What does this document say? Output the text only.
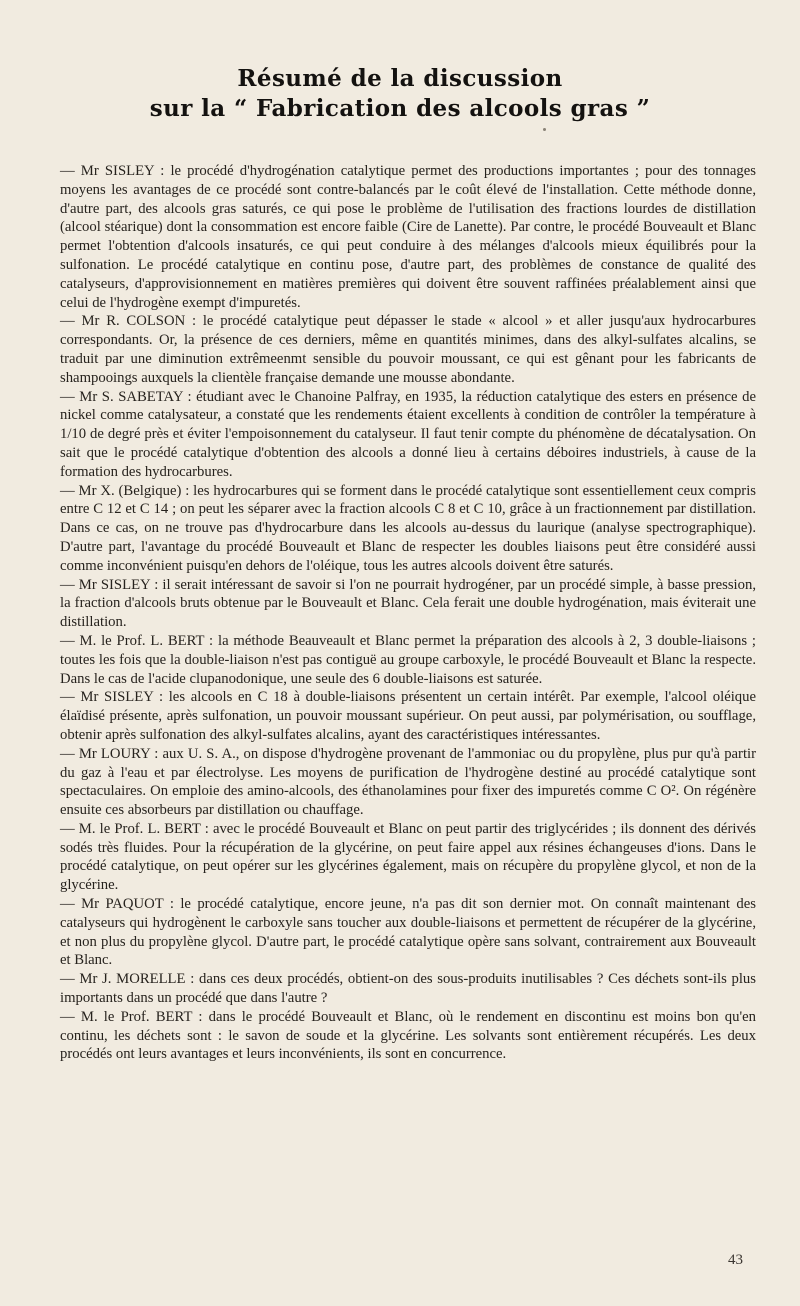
Résumé de la discussion
sur la “ Fabrication des alcools gras ”

— Mr SISLEY : le procédé d'hydrogénation catalytique permet des productions importantes ; pour des tonnages moyens les avantages de ce procédé sont contre-balancés par le coût élevé de l'installation. Cette méthode donne, d'autre part, des alcools gras saturés, ce qui pose le problème de l'utilisation des fractions lourdes de distillation (alcool stéarique) dont la consommation est encore faible (Cire de Lanette). Par contre, le procédé Bouveault et Blanc permet l'obtention d'alcools insaturés, ce qui peut conduire à des mélanges d'alcools mieux équilibrés pour la sulfonation. Le procédé catalytique en continu pose, d'autre part, des problèmes de constance de qualité des catalyseurs, d'approvisionnement en matières premières qui doivent être souvent raffinées préalablement ainsi que celui de l'hydrogène exempt d'impuretés.

— Mr R. COLSON : le procédé catalytique peut dépasser le stade « alcool » et aller jusqu'aux hydrocarbures correspondants. Or, la présence de ces derniers, même en quantités minimes, dans des alkyl-sulfates alcalins, se traduit par une diminution extrêmeenmt sensible du pouvoir moussant, ce qui est gênant pour les fabricants de shampooings auxquels la clientèle française demande une mousse abondante.

— Mr S. SABETAY : étudiant avec le Chanoine Palfray, en 1935, la réduction catalytique des esters en présence de nickel comme catalysateur, a constaté que les rendements étaient excellents à condition de contrôler la température à 1/10 de degré près et éviter l'empoisonnement du catalyseur. Il faut tenir compte du phénomène de décatalysation. On sait que le procédé catalytique d'obtention des alcools a donné lieu à certains déboires industriels, à cause de la formation des hydrocarbures.

— Mr X. (Belgique) : les hydrocarbures qui se forment dans le procédé catalytique sont essentiellement ceux compris entre C 12 et C 14 ; on peut les séparer avec la fraction alcools C 8 et C 10, grâce à un fractionnement par distillation. Dans ce cas, on ne trouve pas d'hydrocarbure dans les alcools au-dessus du laurique (analyse spectrographique). D'autre part, l'avantage du procédé Bouveault et Blanc de respecter les doubles liaisons peut être considéré aussi comme inconvénient puisqu'en dehors de l'oléique, tous les autres alcools doivent être saturés.

— Mr SISLEY : il serait intéressant de savoir si l'on ne pourrait hydrogéner, par un procédé simple, à basse pression, la fraction d'alcools bruts obtenue par le Bouveault et Blanc. Cela ferait une double hydrogénation, mais éviterait une distillation.

— M. le Prof. L. BERT : la méthode Beauveault et Blanc permet la préparation des alcools à 2, 3 double-liaisons ; toutes les fois que la double-liaison n'est pas contiguë au groupe carboxyle, le procédé Bouveault et Blanc la respecte. Dans le cas de l'acide clupanodonique, une seule des 6 double-liaisons est saturée.

— Mr SISLEY : les alcools en C 18 à double-liaisons présentent un certain intérêt. Par exemple, l'alcool oléique élaïdisé présente, après sulfonation, un pouvoir moussant supérieur. On peut aussi, par polymérisation, ou soufflage, obtenir après sulfonation des alkyl-sulfates alcalins, ayant des caractéristiques intéressantes.

— Mr LOURY : aux U. S. A., on dispose d'hydrogène provenant de l'ammoniac ou du propylène, plus pur qu'à partir du gaz à l'eau et par électrolyse. Les moyens de purification de l'hydrogène destiné au procédé catalytique sont spectaculaires. On emploie des amino-alcools, des éthanolamines pour fixer des impuretés comme C O². On régénère ensuite ces absorbeurs par distillation ou chauffage.

— M. le Prof. L. BERT : avec le procédé Bouveault et Blanc on peut partir des triglycérides ; ils donnent des dérivés sodés très fluides. Pour la récupération de la glycérine, on peut faire appel aux résines échangeuses d'ions. Dans le procédé catalytique, on peut opérer sur les glycérines également, mais on récupère du propylène glycol, et non de la glycérine.

— Mr PAQUOT : le procédé catalytique, encore jeune, n'a pas dit son dernier mot. On connaît maintenant des catalyseurs qui hydrogènent le carboxyle sans toucher aux double-liaisons et permettent de récupérer de la glycérine, et non plus du propylène glycol. D'autre part, le procédé catalytique opère sans solvant, contrairement aux Bouveault et Blanc.

— Mr J. MORELLE : dans ces deux procédés, obtient-on des sous-produits inutilisables ? Ces déchets sont-ils plus importants dans un procédé que dans l'autre ?

— M. le Prof. BERT : dans le procédé Bouveault et Blanc, où le rendement en discontinu est moins bon qu'en continu, les déchets sont : le savon de soude et la glycérine. Les solvants sont entièrement récupérés. Les deux procédés ont leurs avantages et leurs inconvénients, ils sont en concurrence.

43
